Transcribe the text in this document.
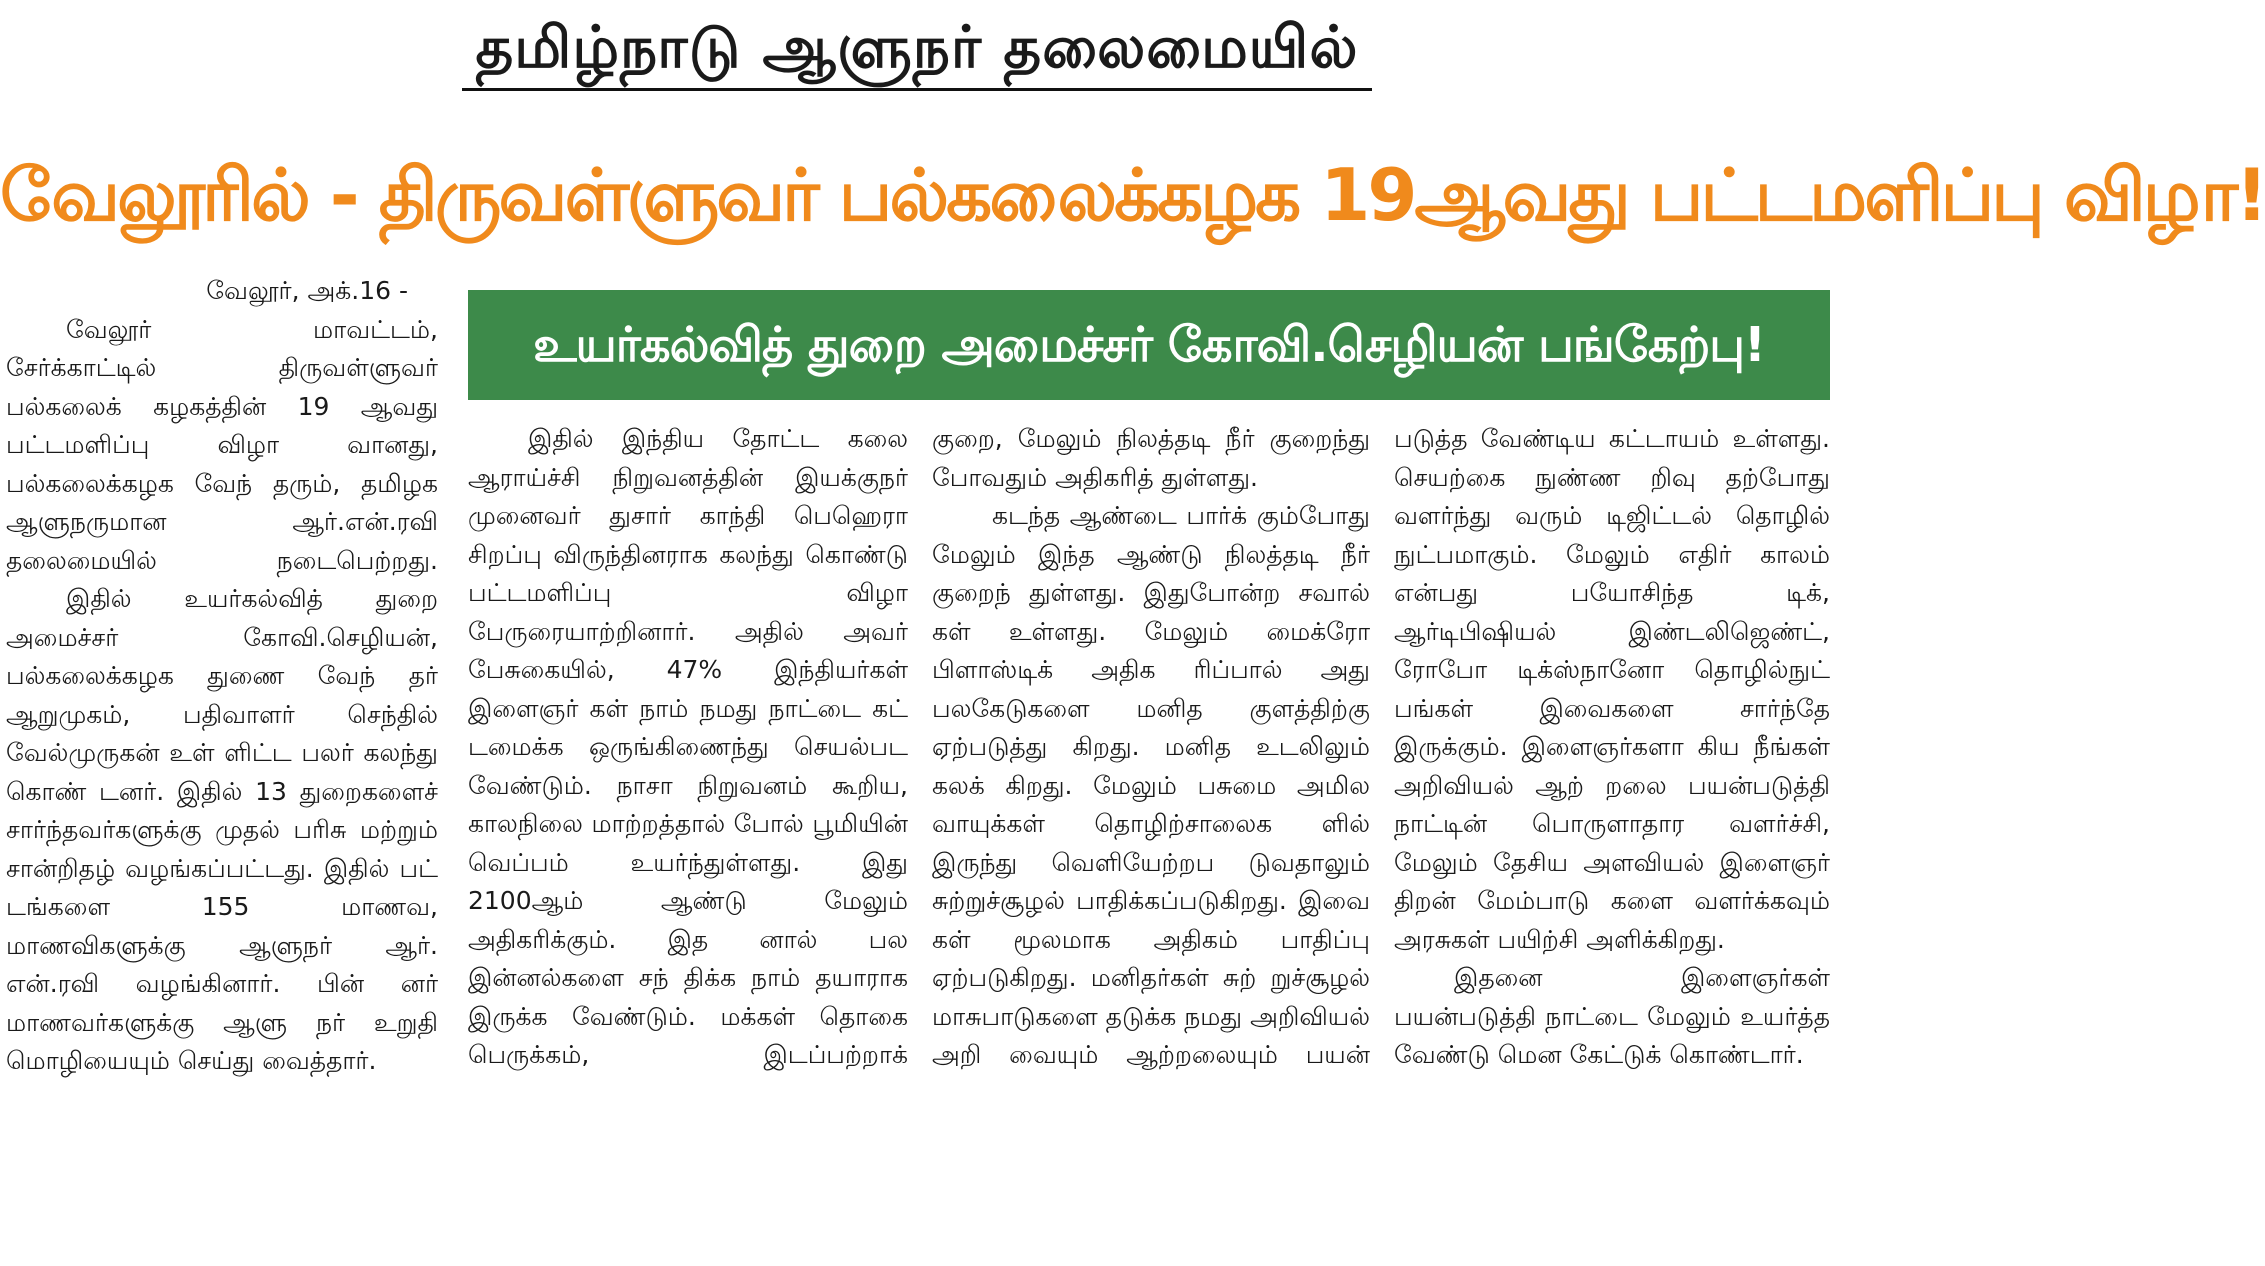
தமிழ்நாடு ஆளுநர் தலைமையில்
வேலூரில் - திருவள்ளுவர் பல்கலைக்கழக 19ஆவது பட்டமளிப்பு விழா!
உயர்கல்வித் துறை அமைச்சர் கோவி.செழியன் பங்கேற்பு!

வேலூர், அக்.16 -

வேலூர் மாவட்டம், சேர்க்காட்டில் திருவள்ளுவர் பல்கலைக் கழகத்தின் 19 ஆவது பட்டமளிப்பு விழா வானது, பல்கலைக்கழக வேந் தரும், தமிழக ஆளுநருமான ஆர்.என்.ரவி தலைமையில் நடைபெற்றது.

இதில் உயர்கல்வித் துறை அமைச்சர் கோவி.செழியன், பல்கலைக்கழக துணை வேந் தர் ஆறுமுகம், பதிவாளர் செந்தில் வேல்முருகன் உள் ளிட்ட பலர் கலந்து கொண் டனர். இதில் 13 துறைகளைச் சார்ந்தவர்களுக்கு முதல் பரிசு மற்றும் சான்றிதழ் வழங்கப்பட்டது. இதில் பட் டங்களை 155 மாணவ, மாணவிகளுக்கு ஆளுநர் ஆர். என்.ரவி வழங்கினார். பின் னர் மாணவர்களுக்கு ஆளு நர் உறுதி மொழியையும் செய்து வைத்தார்.

இதில் இந்திய தோட்ட கலை ஆராய்ச்சி நிறுவனத்தின் இயக்குநர் முனைவர் துசார் காந்தி பெஹெரா சிறப்பு விருந்தினராக கலந்து கொண்டு பட்டமளிப்பு விழா பேருரையாற்றினார். அதில் அவர் பேசுகையில், 47% இந்தியர்கள் இளைஞர் கள் நாம் நமது நாட்டை கட் டமைக்க ஒருங்கிணைந்து செயல்பட வேண்டும். நாசா நிறுவனம் கூறிய, காலநிலை மாற்றத்தால் போல் பூமியின் வெப்பம் உயர்ந்துள்ளது. இது 2100ஆம் ஆண்டு மேலும் அதிகரிக்கும். இத னால் பல இன்னல்களை சந் திக்க நாம் தயாராக இருக்க வேண்டும். மக்கள் தொகை பெருக்கம், இடப்பற்றாக்

குறை, மேலும் நிலத்தடி நீர் குறைந்து போவதும் அதிகரித் துள்ளது.

கடந்த ஆண்டை பார்க் கும்போது மேலும் இந்த ஆண்டு நிலத்தடி நீர் குறைந் துள்ளது. இதுபோன்ற சவால் கள் உள்ளது. மேலும் மைக்ரோ பிளாஸ்டிக் அதிக ரிப்பால் அது பலகேடுகளை மனித குளத்திற்கு ஏற்படுத்து கிறது. மனித உடலிலும் கலக் கிறது. மேலும் பசுமை அமில வாயுக்கள் தொழிற்சாலைக ளில் இருந்து வெளியேற்றப டுவதாலும் சுற்றுச்சூழல் பாதிக்கப்படுகிறது. இவை கள் மூலமாக அதிகம் பாதிப்பு ஏற்படுகிறது. மனிதர்கள் சுற் றுச்சூழல் மாசுபாடுகளை தடுக்க நமது அறிவியல் அறி வையும் ஆற்றலையும் பயன்

படுத்த வேண்டிய கட்டாயம் உள்ளது. செயற்கை நுண்ண றிவு தற்போது வளர்ந்து வரும் டிஜிட்டல் தொழில் நுட்பமாகும். மேலும் எதிர் காலம் என்பது பயோசிந்த டிக், ஆர்டிபிஷியல் இண்டலிஜெண்ட், ரோபோ டிக்ஸ்நானோ தொழில்நுட் பங்கள் இவைகளை சார்ந்தே இருக்கும். இளைஞர்களா கிய நீங்கள் அறிவியல் ஆற் றலை பயன்படுத்தி நாட்டின் பொருளாதார வளர்ச்சி, மேலும் தேசிய அளவியல் இளைஞர் திறன் மேம்பாடு களை வளர்க்கவும் அரசுகள் பயிற்சி அளிக்கிறது.

இதனை இளைஞர்கள் பயன்படுத்தி நாட்டை மேலும் உயர்த்த வேண்டு மென கேட்டுக் கொண்டார்.
